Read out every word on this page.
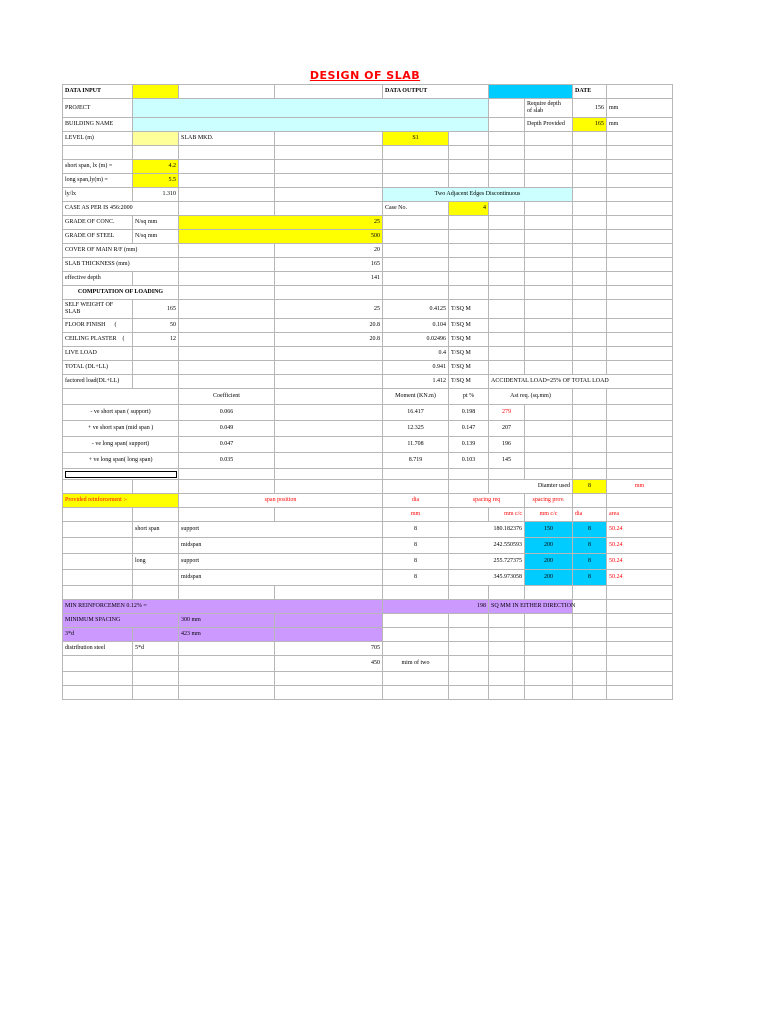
DESIGN OF SLAB
DATA INPUT				DATA OUTPUT				DATE	
PROJECT							Require depth
of slab	156	mm
BUILDING NAME							Depth Provided	165	mm
LEVEL (m)		SLAB MKD.		S1					

short span, lx (m) =	4.2								
long span,ly(m) =	5.5								
ly/lx	1.310			Two Adjacent Edges Discontinuous					
CASE AS PER IS 456:2000				Case No.	4				
GRADE OF CONC.	N/sq mm	25							
GRADE OF STEEL	N/sq mm	500							
COVER OF MAIN R/F (mm)			20						
SLAB THICKNESS (mm)			165						
effective depth			141						
COMPUTATION OF LOADING									
SELF WEIGHT OF
SLAB	165		25	0.4125	T/SQ M				
FLOOR FINISH (	50		20.8	0.104	T/SQ M				
CEILING PLASTER (	12		20.8	0.02496	T/SQ M				
LIVE LOAD				0.4	T/SQ M				
TOTAL (DL+LL)				0.941	T/SQ M				
factored load(DL+LL)				1.412	T/SQ M	ACCIDENTAL LOAD=25% OF TOTAL LOAD			
		Coefficient		Moment (KN.m)	pt %	Ast req. (sq.mm)			
- ve short span ( support)		0.066		16.417	0.198	279			
+ ve short span (mid span )		0.049		12.325	0.147	207			
- ve long span( support)		0.047		11.708	0.139	196			
+ ve long span( long span)		0.035		8.719	0.103	145			

						Diamter used		8	mm
Provided reinforcement :-		span position		dia	spacing req		spacing prov.		
				mm		mm c/c	mm c/c	dia	area
	short span	support		8	180.182376		150	8	50.24
		midspan		8	242.550593		200	8	50.24
	long	support		8	255.727375		200	8	50.24
		midspan		8	345.973058		200	8	50.24

MIN REINFORCEMEN 0.12% =				198		SQ MM IN EITHER DIRECTION			
MINIMUM SPACING		300 mm							
3*d		423 mm							
distribution steel	5*d		705						
			450	mim of two					
